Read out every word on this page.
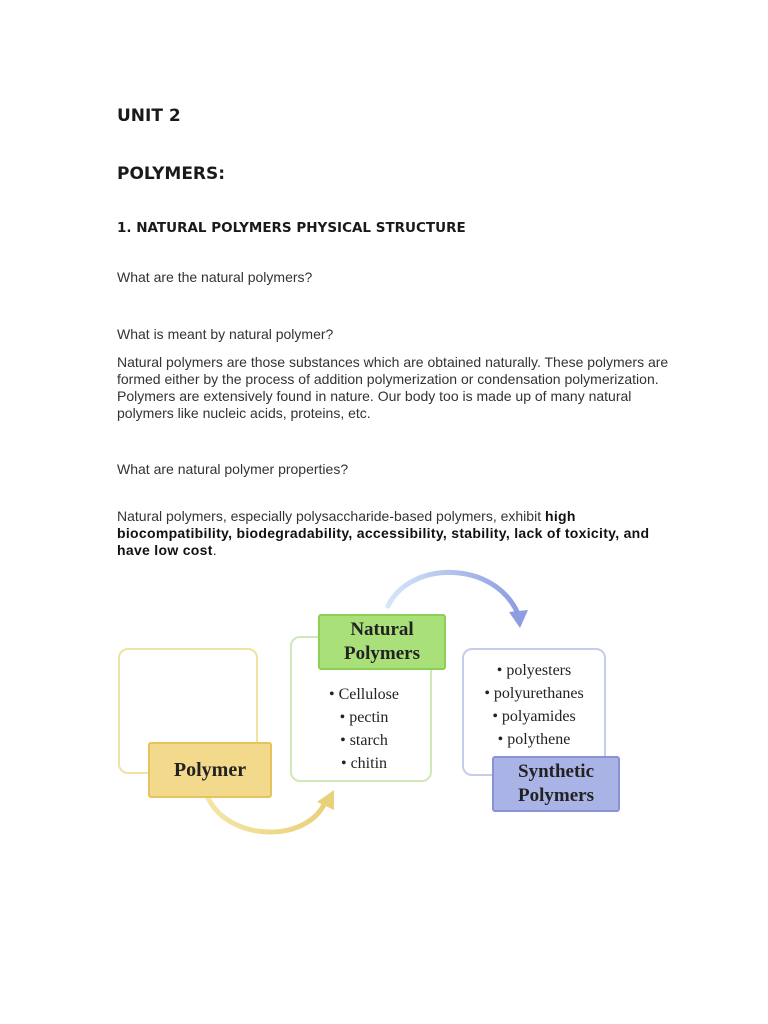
UNIT 2
POLYMERS:
1. NATURAL POLYMERS PHYSICAL STRUCTURE
What are the natural polymers?
What is meant by natural polymer?

Natural polymers are those substances which are obtained naturally. These polymers are formed either by the process of addition polymerization or condensation polymerization. Polymers are extensively found in nature. Our body too is made up of many natural polymers like nucleic acids, proteins, etc.

What are natural polymer properties?

Natural polymers, especially polysaccharide-based polymers, exhibit high biocompatibility, biodegradability, accessibility, stability, lack of toxicity, and have low cost.

Polymer
Natural
Polymers
• Cellulose
• pectin
• starch
• chitin
• polyesters
• polyurethanes
• polyamides
• polythene
Synthetic
Polymers
